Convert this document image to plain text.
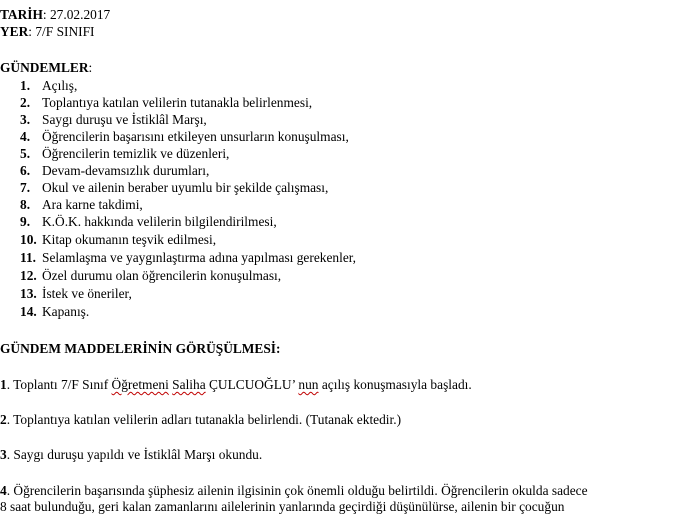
TARİH: 27.02.2017
YER: 7/F SINIFI
GÜNDEMLER:
1. Açılış,
2. Toplantıya katılan velilerin tutanakla belirlenmesi,
3. Saygı duruşu ve İstiklâl Marşı,
4. Öğrencilerin başarısını etkileyen unsurların konuşulması,
5. Öğrencilerin temizlik ve düzenleri,
6. Devam-devamsızlık durumları,
7. Okul ve ailenin beraber uyumlu bir şekilde çalışması,
8. Ara karne takdimi,
9. K.Ö.K. hakkında velilerin bilgilendirilmesi,
10. Kitap okumanın teşvik edilmesi,
11. Selamlaşma ve yaygınlaştırma adına yapılması gerekenler,
12. Özel durumu olan öğrencilerin konuşulması,
13. İstek ve öneriler,
14. Kapanış.
GÜNDEM MADDELERİNİN GÖRÜŞÜLMESİ:
1. Toplantı 7/F Sınıf Öğretmeni Saliha ÇULCUOĞLU’ nun açılış konuşmasıyla başladı.
2. Toplantıya katılan velilerin adları tutanakla belirlendi. (Tutanak ektedir.)
3. Saygı duruşu yapıldı ve İstiklâl Marşı okundu.
4. Öğrencilerin başarısında şüphesiz ailenin ilgisinin çok önemli olduğu belirtildi. Öğrencilerin okulda sadece
8 saat bulunduğu, geri kalan zamanlarını ailelerinin yanlarında geçirdiği düşünülürse, ailenin bir çocuğun
